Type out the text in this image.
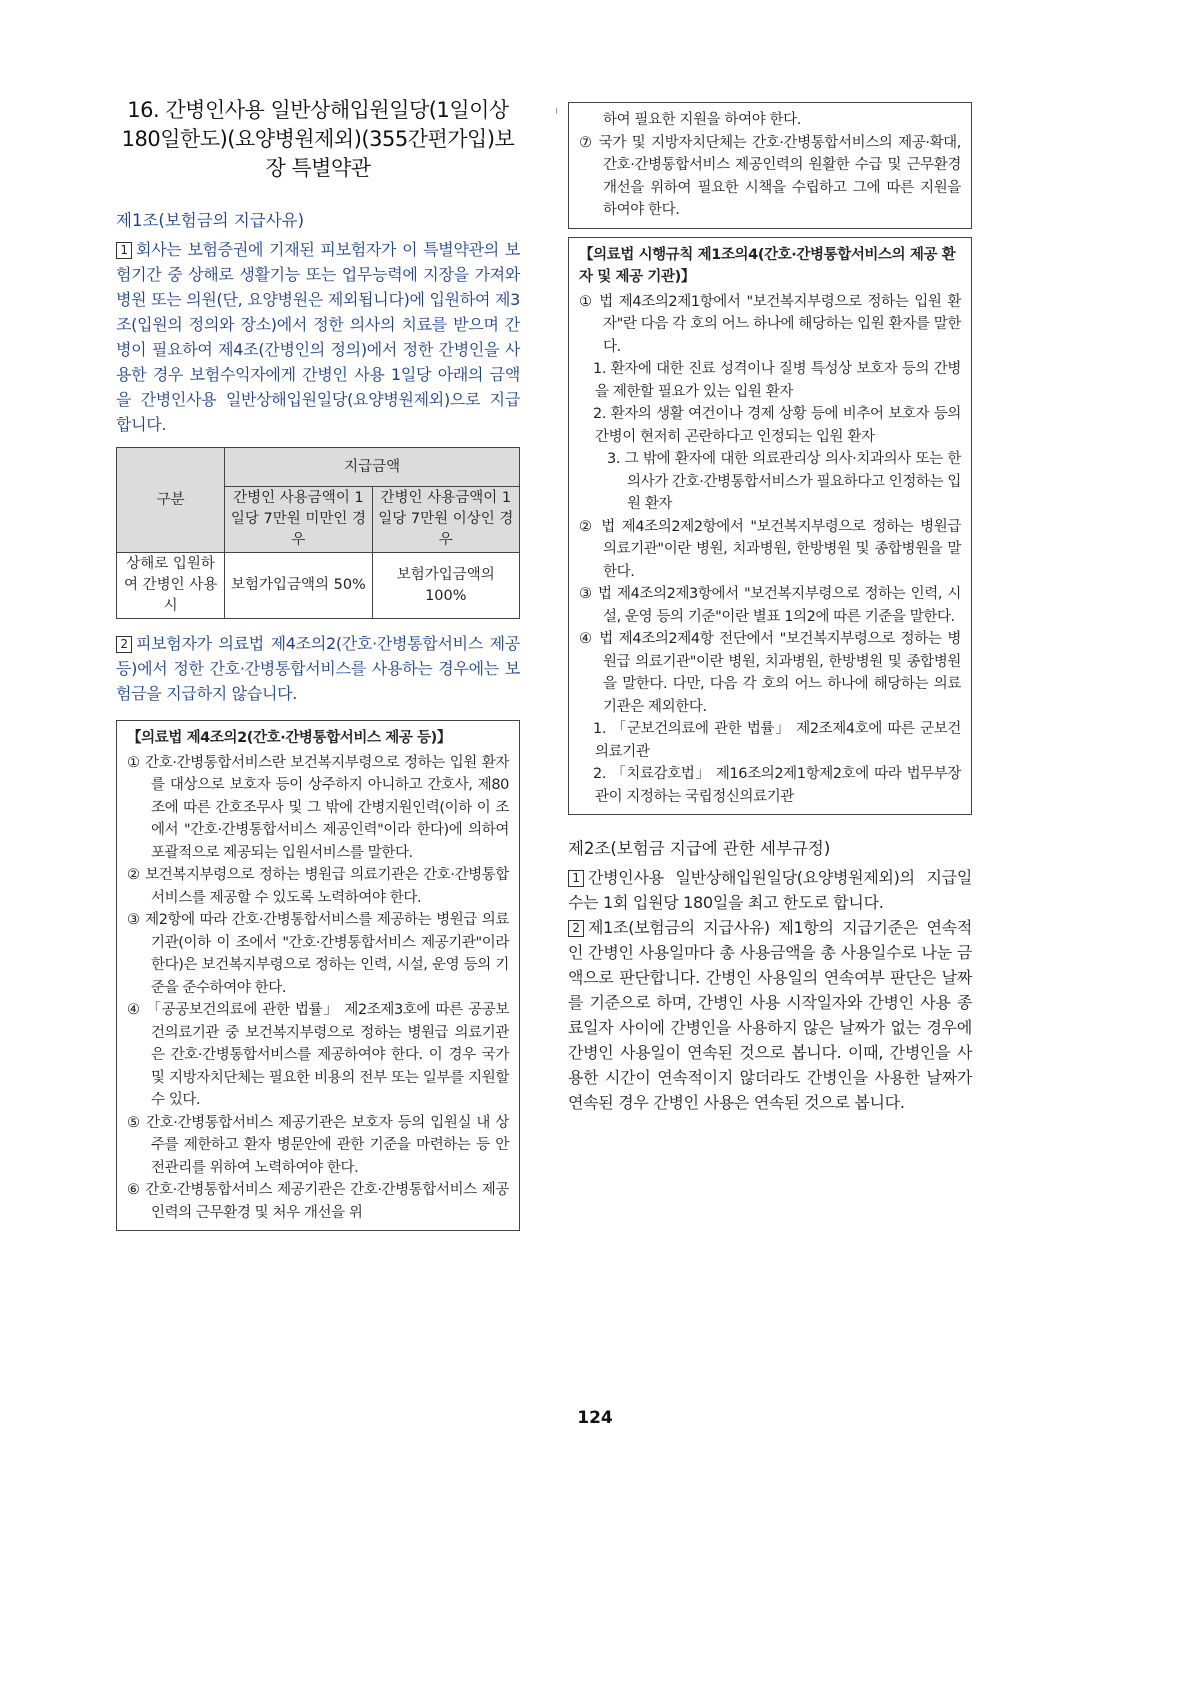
16. 간병인사용 일반상해입원일당(1일이상 180일한도)(요양병원제외)(355간편가입)보장 특별약관
제1조(보험금의 지급사유)

1 회사는 보험증권에 기재된 피보험자가 이 특별약관의 보험기간 중 상해로 생활기능 또는 업무능력에 지장을 가져와 병원 또는 의원(단, 요양병원은 제외됩니다)에 입원하여 제3조(입원의 정의와 장소)에서 정한 의사의 치료를 받으며 간병이 필요하여 제4조(간병인의 정의)에서 정한 간병인을 사용한 경우 보험수익자에게 간병인 사용 1일당 아래의 금액을 간병인사용 일반상해입원일당(요양병원제외)으로 지급합니다.

구분	지급금액	
	간병인 사용금액이 1일당 7만원 미만인 경우	간병인 사용금액이 1일당 7만원 이상인 경우
상해로 입원하여 간병인 사용시	보험가입금액의 50%	보험가입금액의 100%

2 피보험자가 의료법 제4조의2(간호·간병통합서비스 제공 등)에서 정한 간호·간병통합서비스를 사용하는 경우에는 보험금을 지급하지 않습니다.

【의료법 제4조의2(간호·간병통합서비스 제공 등)】

① 간호·간병통합서비스란 보건복지부령으로 정하는 입원 환자를 대상으로 보호자 등이 상주하지 아니하고 간호사, 제80조에 따른 간호조무사 및 그 밖에 간병지원인력(이하 이 조에서 "간호·간병통합서비스 제공인력"이라 한다)에 의하여 포괄적으로 제공되는 입원서비스를 말한다.

② 보건복지부령으로 정하는 병원급 의료기관은 간호·간병통합서비스를 제공할 수 있도록 노력하여야 한다.

③ 제2항에 따라 간호·간병통합서비스를 제공하는 병원급 의료기관(이하 이 조에서 "간호·간병통합서비스 제공기관"이라 한다)은 보건복지부령으로 정하는 인력, 시설, 운영 등의 기준을 준수하여야 한다.

④ 「공공보건의료에 관한 법률」 제2조제3호에 따른 공공보건의료기관 중 보건복지부령으로 정하는 병원급 의료기관은 간호·간병통합서비스를 제공하여야 한다. 이 경우 국가 및 지방자치단체는 필요한 비용의 전부 또는 일부를 지원할 수 있다.

⑤ 간호·간병통합서비스 제공기관은 보호자 등의 입원실 내 상주를 제한하고 환자 병문안에 관한 기준을 마련하는 등 안전관리를 위하여 노력하여야 한다.

⑥ 간호·간병통합서비스 제공기관은 간호·간병통합서비스 제공인력의 근무환경 및 처우 개선을 위

하여 필요한 지원을 하여야 한다.

⑦ 국가 및 지방자치단체는 간호·간병통합서비스의 제공·확대, 간호·간병통합서비스 제공인력의 원활한 수급 및 근무환경 개선을 위하여 필요한 시책을 수립하고 그에 따른 지원을 하여야 한다.

【의료법 시행규칙 제1조의4(간호·간병통합서비스의 제공 환자 및 제공 기관)】

① 법 제4조의2제1항에서 "보건복지부령으로 정하는 입원 환자"란 다음 각 호의 어느 하나에 해당하는 입원 환자를 말한다.

1. 환자에 대한 진료 성격이나 질병 특성상 보호자 등의 간병을 제한할 필요가 있는 입원 환자

2. 환자의 생활 여건이나 경제 상황 등에 비추어 보호자 등의 간병이 현저히 곤란하다고 인정되는 입원 환자

3. 그 밖에 환자에 대한 의료관리상 의사·치과의사 또는 한의사가 간호·간병통합서비스가 필요하다고 인정하는 입원 환자

② 법 제4조의2제2항에서 "보건복지부령으로 정하는 병원급 의료기관"이란 병원, 치과병원, 한방병원 및 종합병원을 말한다.

③ 법 제4조의2제3항에서 "보건복지부령으로 정하는 인력, 시설, 운영 등의 기준"이란 별표 1의2에 따른 기준을 말한다.

④ 법 제4조의2제4항 전단에서 "보건복지부령으로 정하는 병원급 의료기관"이란 병원, 치과병원, 한방병원 및 종합병원을 말한다. 다만, 다음 각 호의 어느 하나에 해당하는 의료기관은 제외한다.

1. 「군보건의료에 관한 법률」 제2조제4호에 따른 군보건의료기관

2. 「치료감호법」 제16조의2제1항제2호에 따라 법무부장관이 지정하는 국립정신의료기관

제2조(보험금 지급에 관한 세부규정)

1 간병인사용 일반상해입원일당(요양병원제외)의 지급일수는 1회 입원당 180일을 최고 한도로 합니다.

2 제1조(보험금의 지급사유) 제1항의 지급기준은 연속적인 간병인 사용일마다 총 사용금액을 총 사용일수로 나눈 금액으로 판단합니다. 간병인 사용일의 연속여부 판단은 날짜를 기준으로 하며, 간병인 사용 시작일자와 간병인 사용 종료일자 사이에 간병인을 사용하지 않은 날짜가 없는 경우에 간병인 사용일이 연속된 것으로 봅니다. 이때, 간병인을 사용한 시간이 연속적이지 않더라도 간병인을 사용한 날짜가 연속된 경우 간병인 사용은 연속된 것으로 봅니다.

124
